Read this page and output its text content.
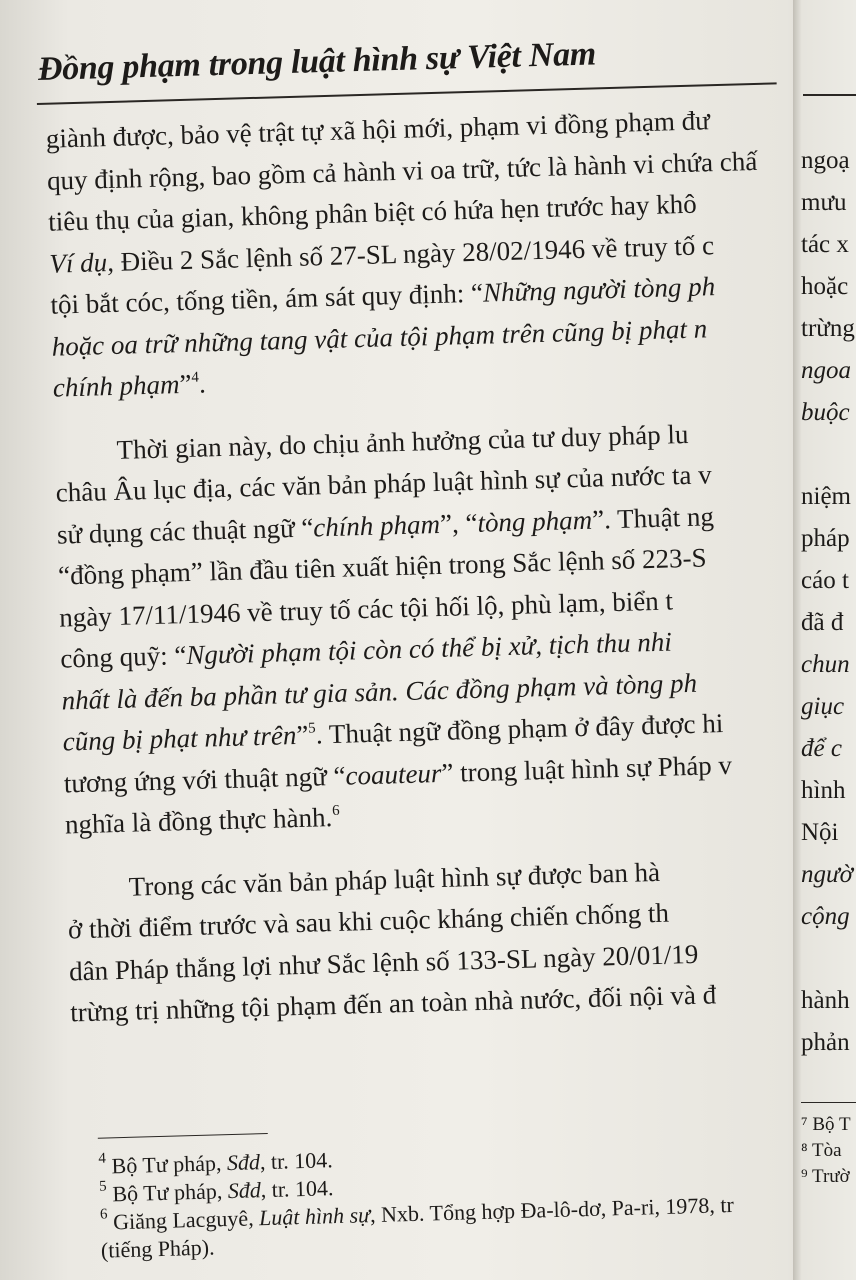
Đồng phạm trong luật hình sự Việt Nam
giành được, bảo vệ trật tự xã hội mới, phạm vi đồng phạm đư
quy định rộng, bao gồm cả hành vi oa trữ, tức là hành vi chứa chấ
tiêu thụ của gian, không phân biệt có hứa hẹn trước hay khô
Ví dụ, Điều 2 Sắc lệnh số 27-SL ngày 28/02/1946 về truy tố c
tội bắt cóc, tống tiền, ám sát quy định: “Những người tòng ph
hoặc oa trữ những tang vật của tội phạm trên cũng bị phạt n
chính phạm”$^4$.
Thời gian này, do chịu ảnh hưởng của tư duy pháp lu
châu Âu lục địa, các văn bản pháp luật hình sự của nước ta v
sử dụng các thuật ngữ “chính phạm”, “tòng phạm”. Thuật ng
“đồng phạm” lần đầu tiên xuất hiện trong Sắc lệnh số 223-S
ngày 17/11/1946 về truy tố các tội hối lộ, phù lạm, biển t
công quỹ: “Người phạm tội còn có thể bị xử, tịch thu nhi
nhất là đến ba phần tư gia sản. Các đồng phạm và tòng ph
cũng bị phạt như trên”$^5$. Thuật ngữ đồng phạm ở đây được hi
tương ứng với thuật ngữ “coauteur” trong luật hình sự Pháp v
nghĩa là đồng thực hành.$^6$
Trong các văn bản pháp luật hình sự được ban hà
ở thời điểm trước và sau khi cuộc kháng chiến chống th
dân Pháp thắng lợi như Sắc lệnh số 133-SL ngày 20/01/19
trừng trị những tội phạm đến an toàn nhà nước, đối nội và đ
$^4$ Bộ Tư pháp, Sđd, tr. 104.
$^5$ Bộ Tư pháp, Sđd, tr. 104.
$^6$ Giăng Lacguyê, Luật hình sự, Nxb. Tổng hợp Đa-lô-dơ, Pa-ri, 1978, tr
(tiếng Pháp).
ngoạ
mưu
tác x
hoặc
trừng
ngoa
buộc

niệm
pháp
cáo t
đã đ
chun
giục
để c
hình
Nội
ngườ
cộng

hành
phản
⁷ Bộ T
⁸ Tòa
⁹ Trườ
